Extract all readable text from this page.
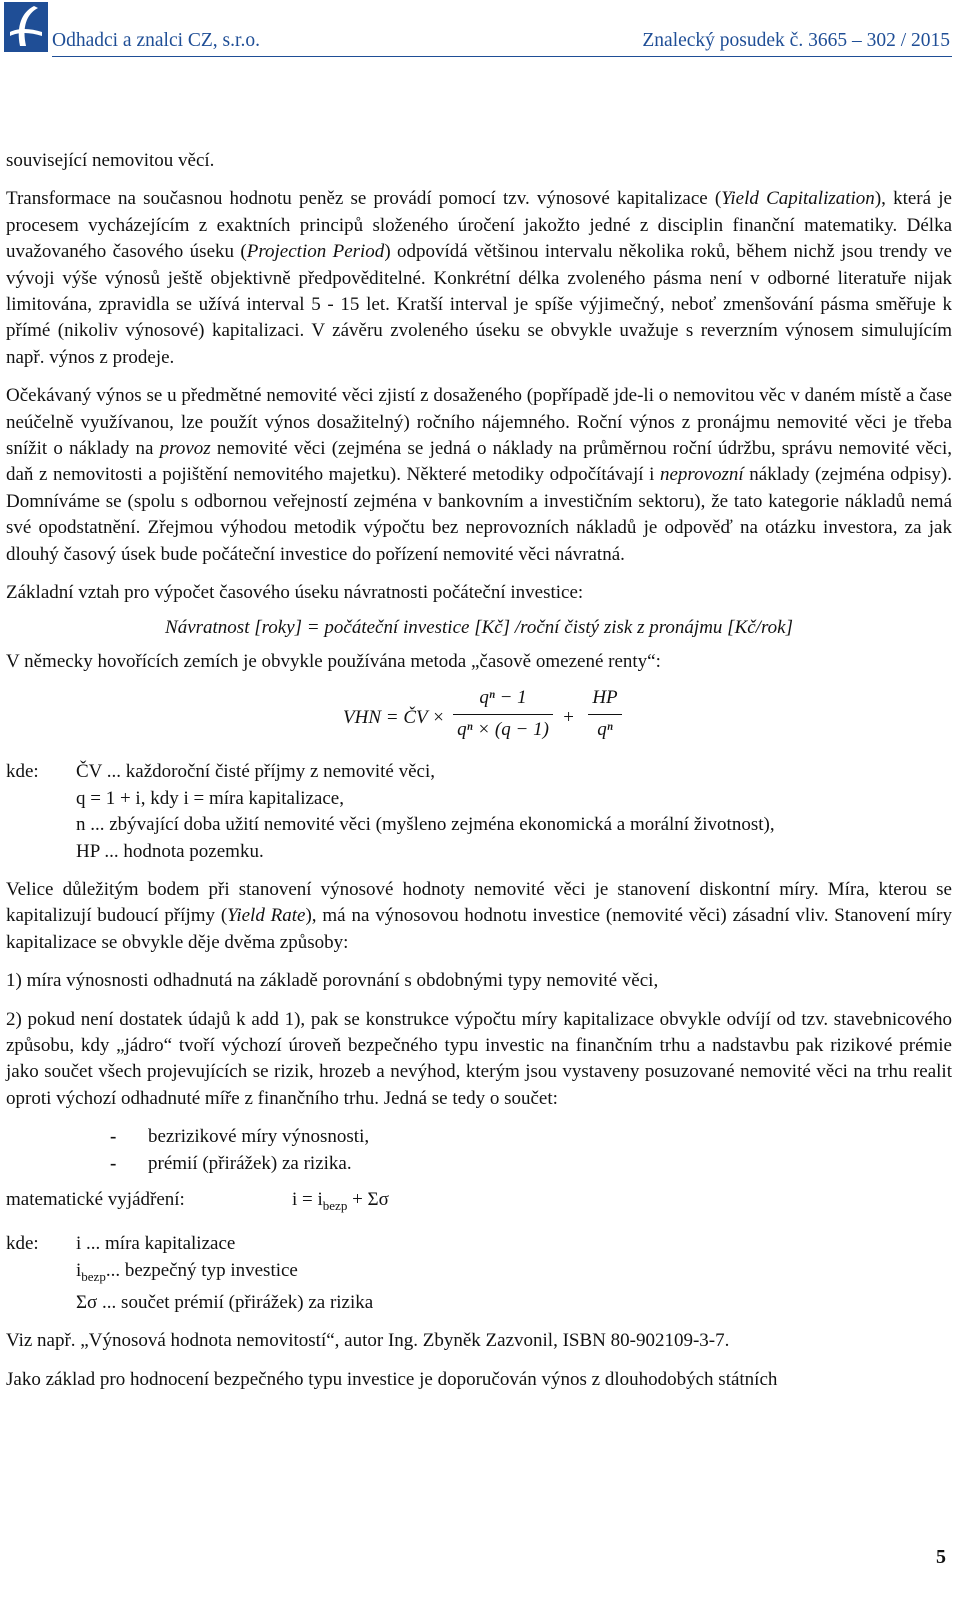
Odhadci a znalci CZ, s.r.o.	Znalecký posudek č. 3665 – 302 / 2015

související nemovitou věcí.

Transformace na současnou hodnotu peněz se provádí pomocí tzv. výnosové kapitalizace (Yield Capitalization), která je procesem vycházejícím z exaktních principů složeného úročení jakožto jedné z disciplin finanční matematiky. Délka uvažovaného časového úseku (Projection Period) odpovídá většinou intervalu několika roků, během nichž jsou trendy ve vývoji výše výnosů ještě objektivně předpověditelné. Konkrétní délka zvoleného pásma není v odborné literatuře nijak limitována, zpravidla se užívá interval 5 - 15 let. Kratší interval je spíše výjimečný, neboť zmenšování pásma směřuje k přímé (nikoliv výnosové) kapitalizaci. V závěru zvoleného úseku se obvykle uvažuje s reverzním výnosem simulujícím např. výnos z prodeje.

Očekávaný výnos se u předmětné nemovité věci zjistí z dosaženého (popřípadě jde-li o nemovitou věc v daném místě a čase neúčelně využívanou, lze použít výnos dosažitelný) ročního nájemného. Roční výnos z pronájmu nemovité věci je třeba snížit o náklady na provoz nemovité věci (zejména se jedná o náklady na průměrnou roční údržbu, správu nemovité věci, daň z nemovitosti a pojištění nemovitého majetku). Některé metodiky odpočítávají i neprovozní náklady (zejména odpisy). Domníváme se (spolu s odbornou veřejností zejména v bankovním a investičním sektoru), že tato kategorie nákladů nemá své opodstatnění. Zřejmou výhodou metodik výpočtu bez neprovozních nákladů je odpověď na otázku investora, za jak dlouhý časový úsek bude počáteční investice do pořízení nemovité věci návratná.

Základní vztah pro výpočet časového úseku návratnosti počáteční investice:

Návratnost [roky] = počáteční investice [Kč] /roční čistý zisk z pronájmu [Kč/rok]

V německy hovořících zemích je obvykle používána metoda „časově omezené renty“:

VHN = ČV ×
qⁿ − 1
qⁿ × (q − 1)
+
HP
qⁿ
kde:	ČV ... každoroční čisté příjmy z nemovité věci,
q = 1 + i, kdy i = míra kapitalizace,
n ... zbývající doba užití nemovité věci (myšleno zejména ekonomická a morální životnost),
HP ... hodnota pozemku.

Velice důležitým bodem při stanovení výnosové hodnoty nemovité věci je stanovení diskontní míry. Míra, kterou se kapitalizují budoucí příjmy (Yield Rate), má na výnosovou hodnotu investice (nemovité věci) zásadní vliv. Stanovení míry kapitalizace se obvykle děje dvěma způsoby:

1) míra výnosnosti odhadnutá na základě porovnání s obdobnými typy nemovité věci,

2) pokud není dostatek údajů k add 1), pak se konstrukce výpočtu míry kapitalizace obvykle odvíjí od tzv. stavebnicového způsobu, kdy „jádro“ tvoří výchozí úroveň bezpečného typu investic na finančním trhu a nadstavbu pak rizikové prémie jako součet všech projevujících se rizik, hrozeb a nevýhod, kterým jsou vystaveny posuzované nemovité věci na trhu realit oproti výchozí odhadnuté míře z finančního trhu. Jedná se tedy o součet:

-	bezrizikové míry výnosnosti,
-	prémií (přirážek) za rizika.
matematické vyjádření:	$i = i_{bezp} + \Sigma\sigma$
kde:	i ... míra kapitalizace
$i_{bezp}$... bezpečný typ investice
Σσ ... součet prémií (přirážek) za rizika

Viz např. „Výnosová hodnota nemovitostí“, autor Ing. Zbyněk Zazvonil, ISBN 80-902109-3-7.

Jako základ pro hodnocení bezpečného typu investice je doporučován výnos z dlouhodobých státních

5
